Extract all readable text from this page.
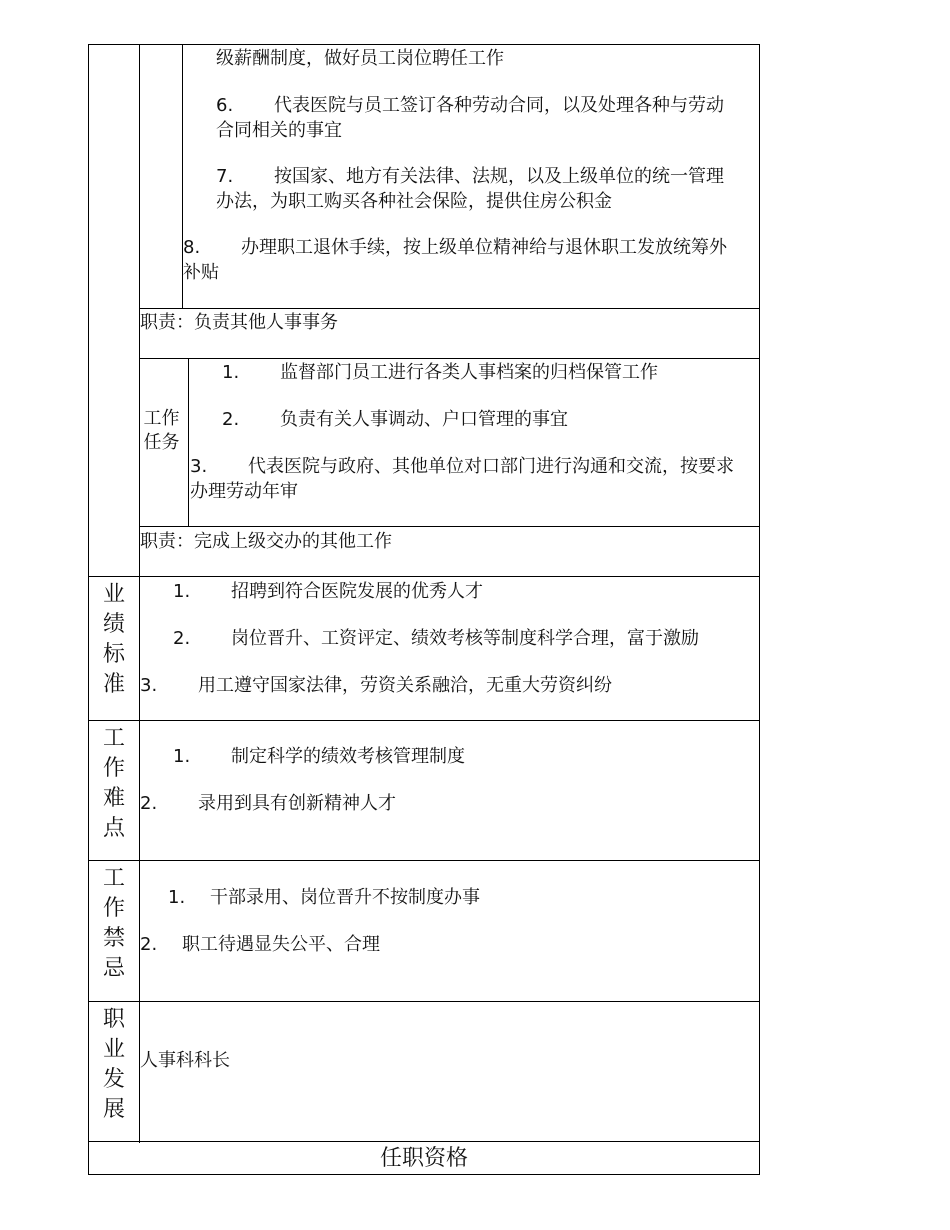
级薪酬制度，做好员工岗位聘任工作
6. 代表医院与员工签订各种劳动合同，以及处理各种与劳动
合同相关的事宜
7. 按国家、地方有关法律、法规，以及上级单位的统一管理
办法，为职工购买各种社会保险，提供住房公积金
8. 办理职工退休手续，按上级单位精神给与退休职工发放统筹外
补贴
职责：负责其他人事事务
工作
任务
1. 监督部门员工进行各类人事档案的归档保管工作
2. 负责有关人事调动、户口管理的事宜
3. 代表医院与政府、其他单位对口部门进行沟通和交流，按要求
办理劳动年审
职责：完成上级交办的其他工作
业
绩
标
准
1. 招聘到符合医院发展的优秀人才
2. 岗位晋升、工资评定、绩效考核等制度科学合理，富于激励
3. 用工遵守国家法律，劳资关系融洽，无重大劳资纠纷
工
作
难
点
1. 制定科学的绩效考核管理制度
2. 录用到具有创新精神人才
工
作
禁
忌
1. 干部录用、岗位晋升不按制度办事
2. 职工待遇显失公平、合理
职
业
发
展
人事科科长
任职资格
